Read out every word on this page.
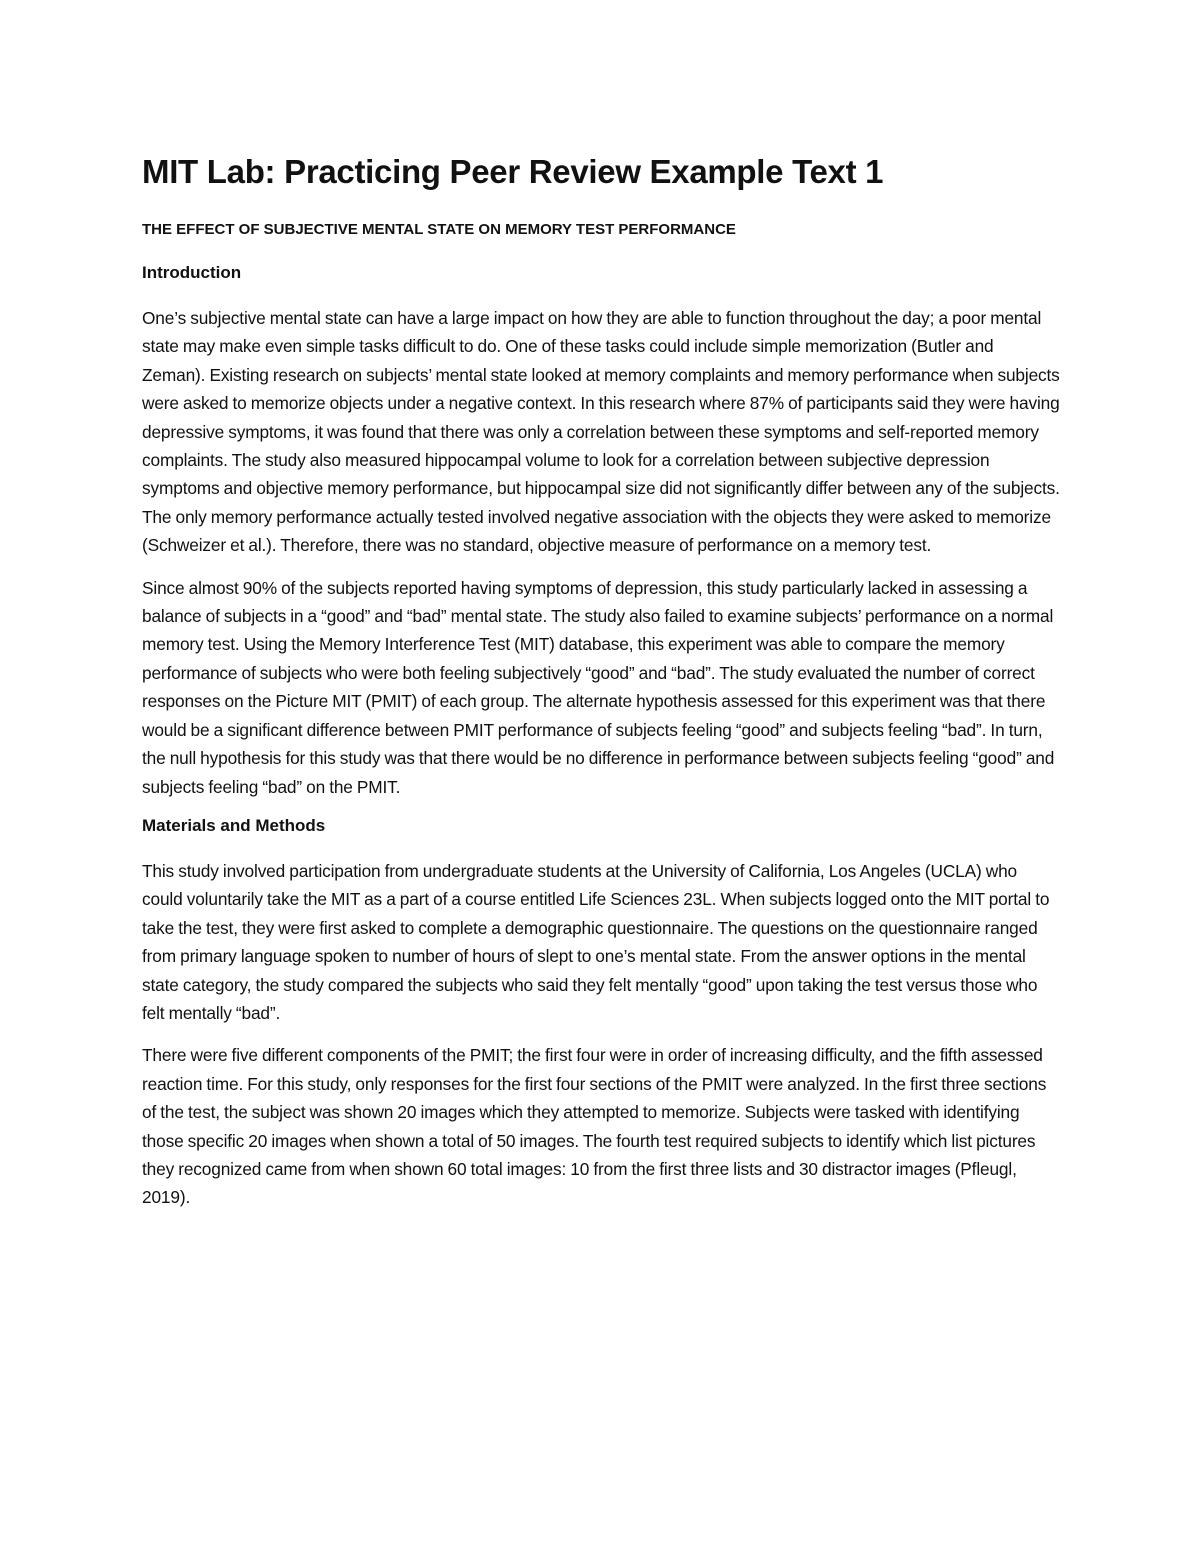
MIT Lab: Practicing Peer Review Example Text 1
THE EFFECT OF SUBJECTIVE MENTAL STATE ON MEMORY TEST PERFORMANCE
Introduction

One’s subjective mental state can have a large impact on how they are able to function throughout the day; a poor mental state may make even simple tasks difficult to do. One of these tasks could include simple memorization (Butler and Zeman). Existing research on subjects’ mental state looked at memory complaints and memory performance when subjects were asked to memorize objects under a negative context. In this research where 87% of participants said they were having depressive symptoms, it was found that there was only a correlation between these symptoms and self-reported memory complaints. The study also measured hippocampal volume to look for a correlation between subjective depression symptoms and objective memory performance, but hippocampal size did not significantly differ between any of the subjects. The only memory performance actually tested involved negative association with the objects they were asked to memorize (Schweizer et al.). Therefore, there was no standard, objective measure of performance on a memory test.

Since almost 90% of the subjects reported having symptoms of depression, this study particularly lacked in assessing a balance of subjects in a “good” and “bad” mental state. The study also failed to examine subjects’ performance on a normal memory test. Using the Memory Interference Test (MIT) database, this experiment was able to compare the memory performance of subjects who were both feeling subjectively “good” and “bad”. The study evaluated the number of correct responses on the Picture MIT (PMIT) of each group. The alternate hypothesis assessed for this experiment was that there would be a significant difference between PMIT performance of subjects feeling “good” and subjects feeling “bad”. In turn, the null hypothesis for this study was that there would be no difference in performance between subjects feeling “good” and subjects feeling “bad” on the PMIT.

Materials and Methods

This study involved participation from undergraduate students at the University of California, Los Angeles (UCLA) who could voluntarily take the MIT as a part of a course entitled Life Sciences 23L. When subjects logged onto the MIT portal to take the test, they were first asked to complete a demographic questionnaire. The questions on the questionnaire ranged from primary language spoken to number of hours of slept to one’s mental state. From the answer options in the mental state category, the study compared the subjects who said they felt mentally “good” upon taking the test versus those who felt mentally “bad”.

There were five different components of the PMIT; the first four were in order of increasing difficulty, and the fifth assessed reaction time. For this study, only responses for the first four sections of the PMIT were analyzed. In the first three sections of the test, the subject was shown 20 images which they attempted to memorize. Subjects were tasked with identifying those specific 20 images when shown a total of 50 images. The fourth test required subjects to identify which list pictures they recognized came from when shown 60 total images: 10 from the first three lists and 30 distractor images (Pfleugl, 2019).
